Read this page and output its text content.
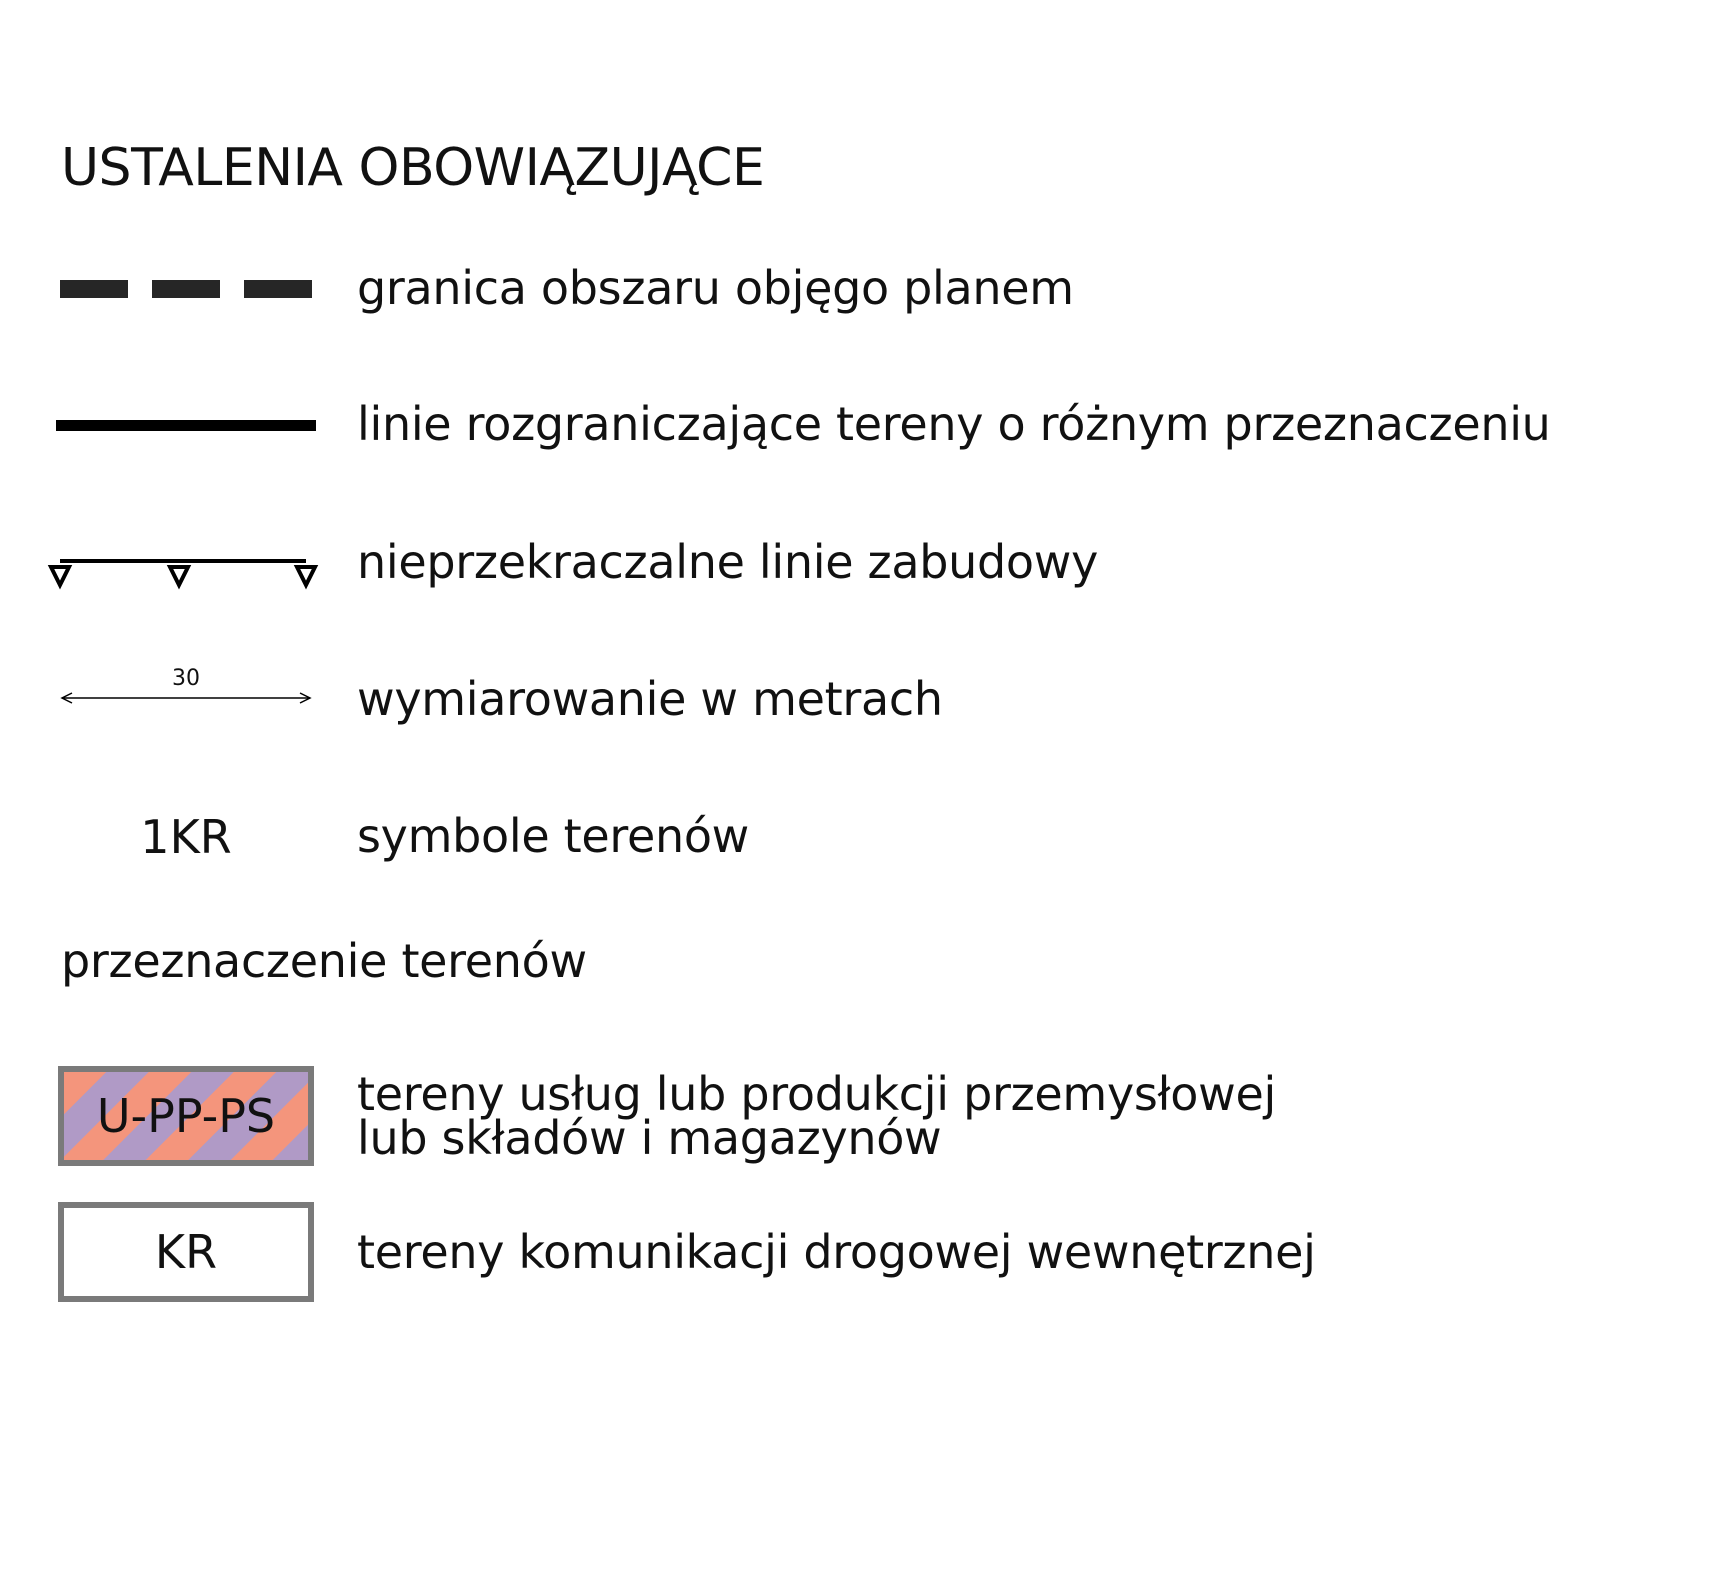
USTALENIA OBOWIĄZUJĄCE
granica obszaru objęgo planem
linie rozgraniczające tereny o różnym przeznaczeniu
nieprzekraczalne linie zabudowy
30	wymiarowanie w metrach
1KR	symbole terenów
przeznaczenie terenów
U-PP-PS tereny usług lub produkcji przemysłowej
lub składów i magazynów
KR	tereny komunikacji drogowej wewnętrznej
